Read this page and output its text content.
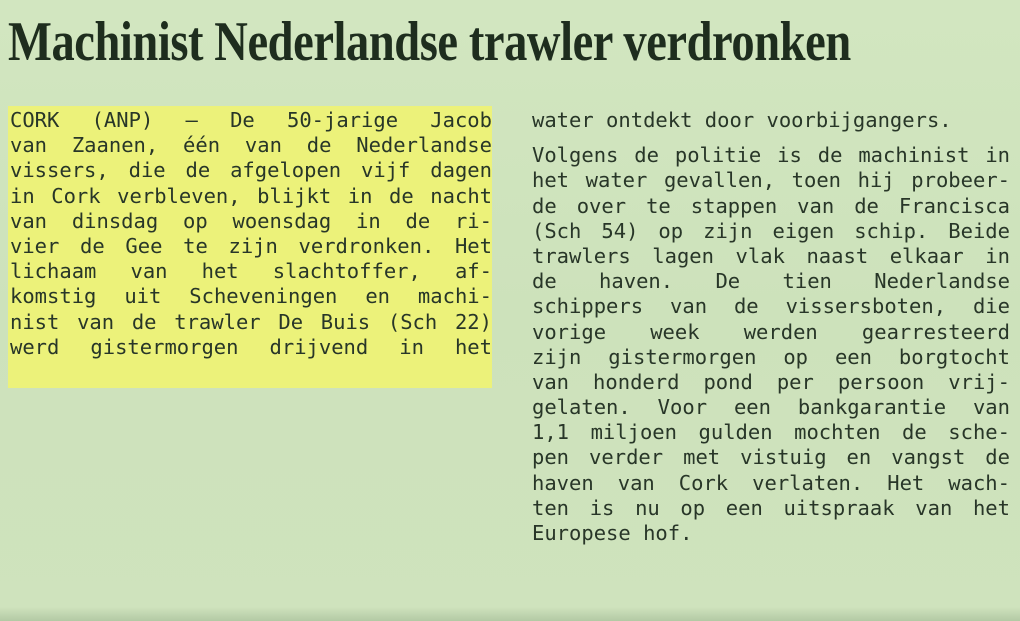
Machinist Nederlandse trawler verdronken
CORK (ANP) — De 50-jarige Jacob
van Zaanen, één van de Nederlandse
vissers, die de afgelopen vijf dagen
in Cork verbleven, blijkt in de nacht
van dinsdag op woensdag in de ri-
vier de Gee te zijn verdronken. Het
lichaam van het slachtoffer, af-
komstig uit Scheveningen en machi-
nist van de trawler De Buis (Sch 22)
werd gistermorgen drijvend in het
water ontdekt door voorbijgangers.
Volgens de politie is de machinist in
het water gevallen, toen hij probeer-
de over te stappen van de Francisca
(Sch 54) op zijn eigen schip. Beide
trawlers lagen vlak naast elkaar in
de haven. De tien Nederlandse
schippers van de vissersboten, die
vorige week werden gearresteerd
zijn gistermorgen op een borgtocht
van honderd pond per persoon vrij-
gelaten. Voor een bankgarantie van
1,1 miljoen gulden mochten de sche-
pen verder met vistuig en vangst de
haven van Cork verlaten. Het wach-
ten is nu op een uitspraak van het
Europese hof.
